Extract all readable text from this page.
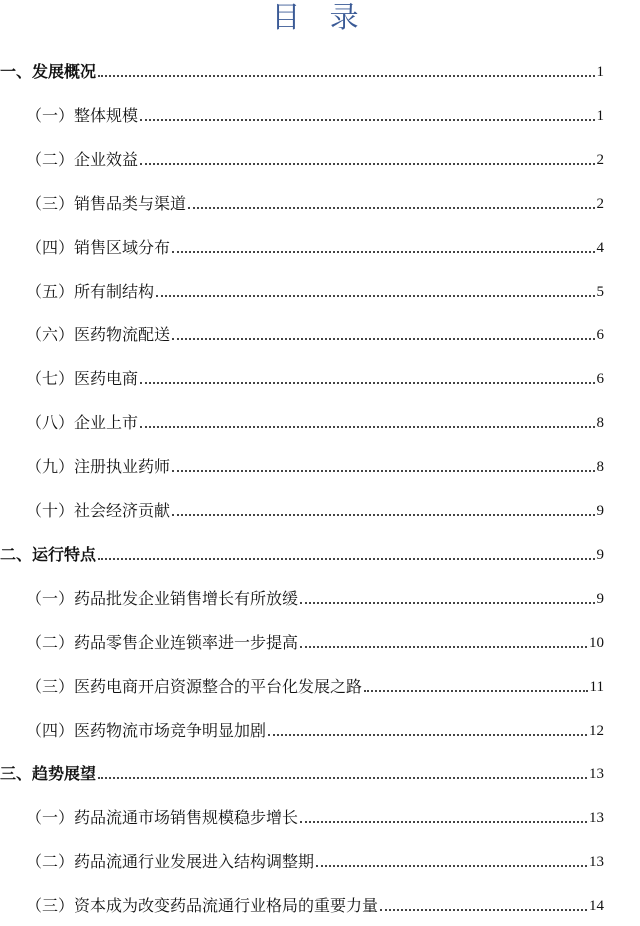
目 录
一、发展概况	1
（一）整体规模	1
（二）企业效益	2
（三）销售品类与渠道	2
（四）销售区域分布	4
（五）所有制结构	5
（六）医药物流配送	6
（七）医药电商	6
（八）企业上市	8
（九）注册执业药师	8
（十）社会经济贡献	9
二、运行特点	9
（一）药品批发企业销售增长有所放缓	9
（二）药品零售企业连锁率进一步提高	10
（三）医药电商开启资源整合的平台化发展之路	11
（四）医药物流市场竞争明显加剧	12
三、趋势展望	13
（一）药品流通市场销售规模稳步增长	13
（二）药品流通行业发展进入结构调整期	13
（三）资本成为改变药品流通行业格局的重要力量	14
